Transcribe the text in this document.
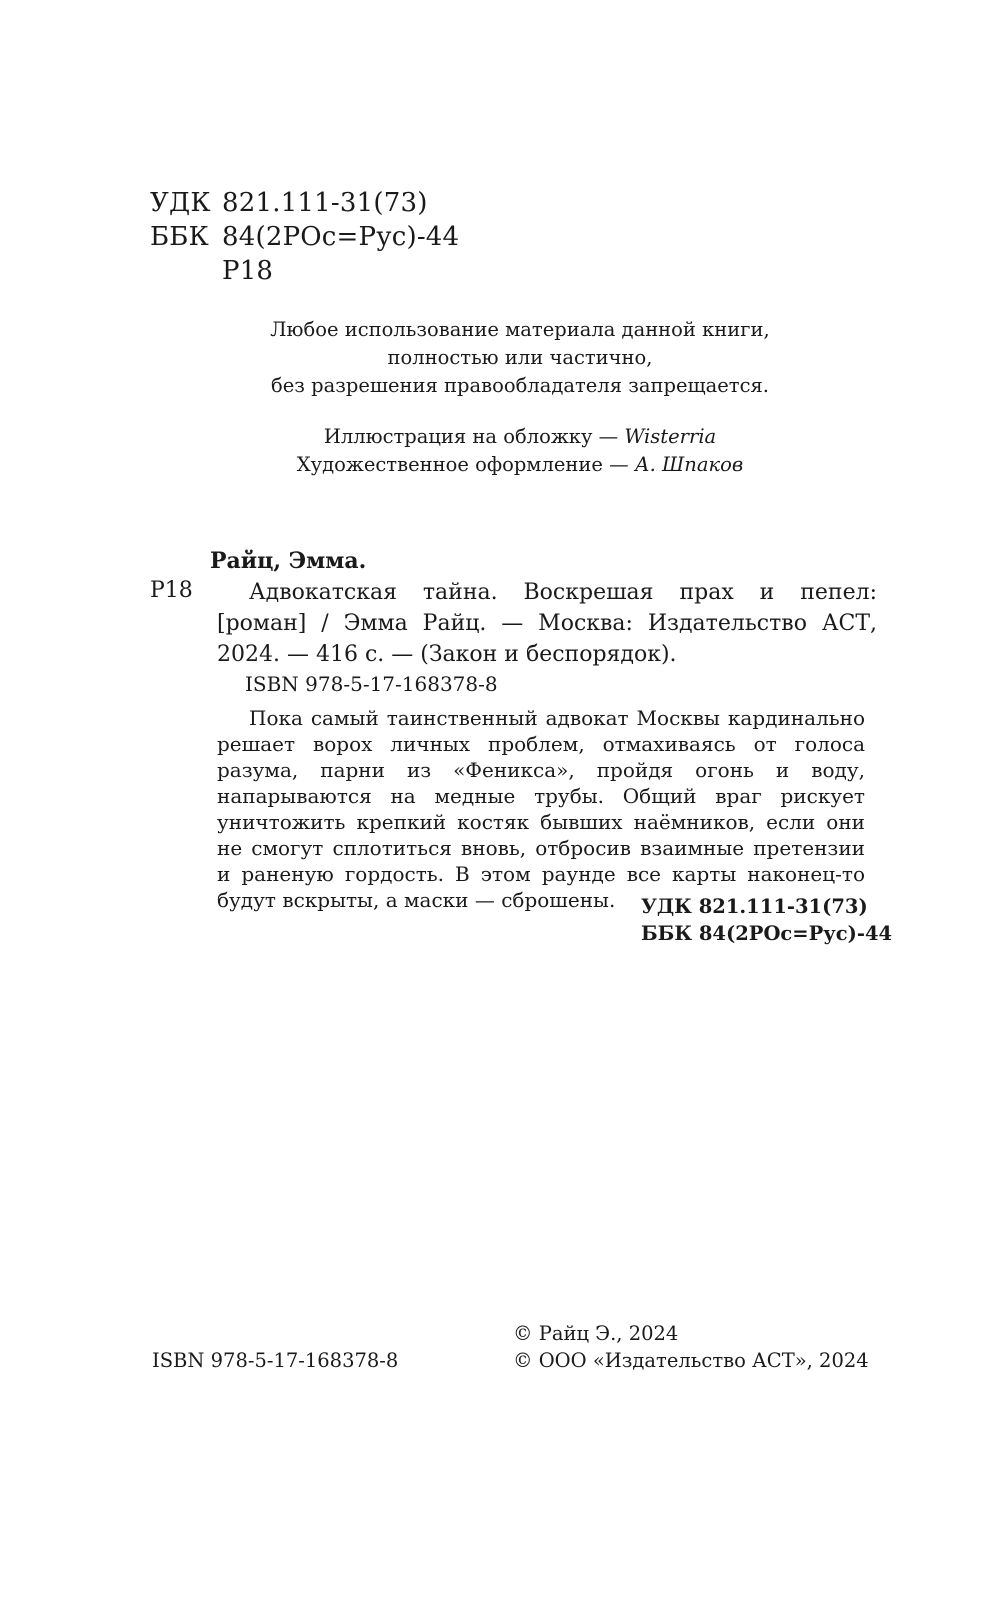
УДК 821.111-31(73)
ББК 84(2РОс=Рус)-44
Р18
Любое использование материала данной книги,
полностью или частично,
без разрешения правообладателя запрещается.
Иллюстрация на обложку — Wisterria
Художественное оформление — А. Шпаков
Райц, Эмма.
Р18	Адвокатская тайна. Воскрешая прах и пепел: [роман] / Эмма Райц. — Москва: Издательство АСТ, 2024. — 416 с. — (Закон и беспорядок).
ISBN 978-5-17-168378-8
Пока самый таинственный адвокат Москвы кардинально решает ворох личных проблем, отмахиваясь от голоса разума, парни из «Феникса», пройдя огонь и воду, напарываются на медные трубы. Общий враг рискует уничтожить крепкий костяк бывших наёмников, если они не смогут сплотиться вновь, отбросив взаимные претензии и раненую гордость. В этом раунде все карты наконец-то будут вскрыты, а маски — сброшены.	УДК 821.111-31(73)
ББК 84(2РОс=Рус)-44
ISBN 978-5-17-168378-8
© Райц Э., 2024
© ООО «Издательство АСТ», 2024
